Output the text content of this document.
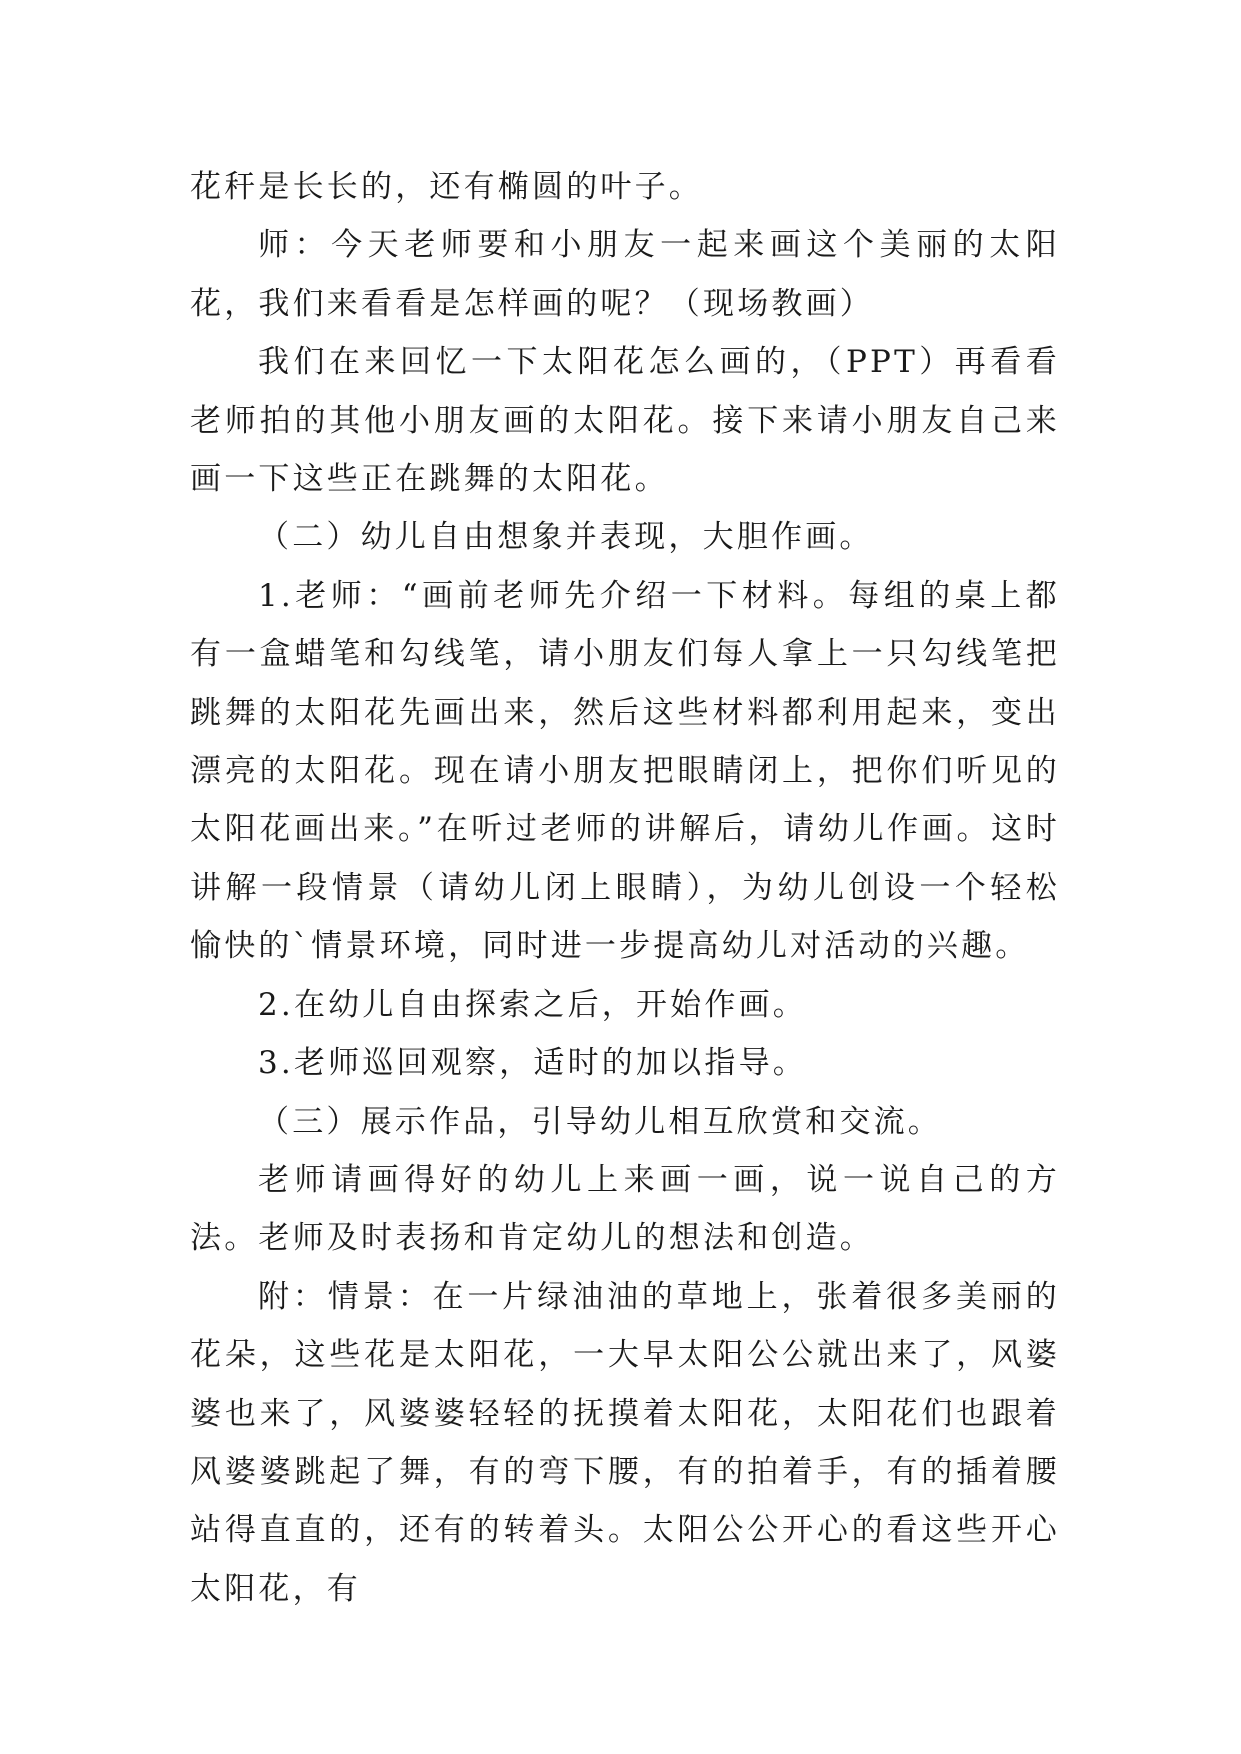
花秆是长长的，还有椭圆的叶子。

师：今天老师要和小朋友一起来画这个美丽的太阳花，我们来看看是怎样画的呢？（现场教画）

我们在来回忆一下太阳花怎么画的，（PPT）再看看老师拍的其他小朋友画的太阳花。接下来请小朋友自己来画一下这些正在跳舞的太阳花。

（二）幼儿自由想象并表现，大胆作画。

1.老师：“画前老师先介绍一下材料。每组的桌上都有一盒蜡笔和勾线笔，请小朋友们每人拿上一只勾线笔把跳舞的太阳花先画出来，然后这些材料都利用起来，变出漂亮的太阳花。现在请小朋友把眼睛闭上，把你们听见的太阳花画出来。”在听过老师的讲解后，请幼儿作画。这时讲解一段情景（请幼儿闭上眼睛），为幼儿创设一个轻松愉快的`情景环境，同时进一步提高幼儿对活动的兴趣。

2.在幼儿自由探索之后，开始作画。

3.老师巡回观察，适时的加以指导。

（三）展示作品，引导幼儿相互欣赏和交流。

老师请画得好的幼儿上来画一画，说一说自己的方法。老师及时表扬和肯定幼儿的想法和创造。

附：情景：在一片绿油油的草地上，张着很多美丽的花朵，这些花是太阳花，一大早太阳公公就出来了，风婆婆也来了，风婆婆轻轻的抚摸着太阳花，太阳花们也跟着风婆婆跳起了舞，有的弯下腰，有的拍着手，有的插着腰站得直直的，还有的转着头。太阳公公开心的看这些开心太阳花，有
